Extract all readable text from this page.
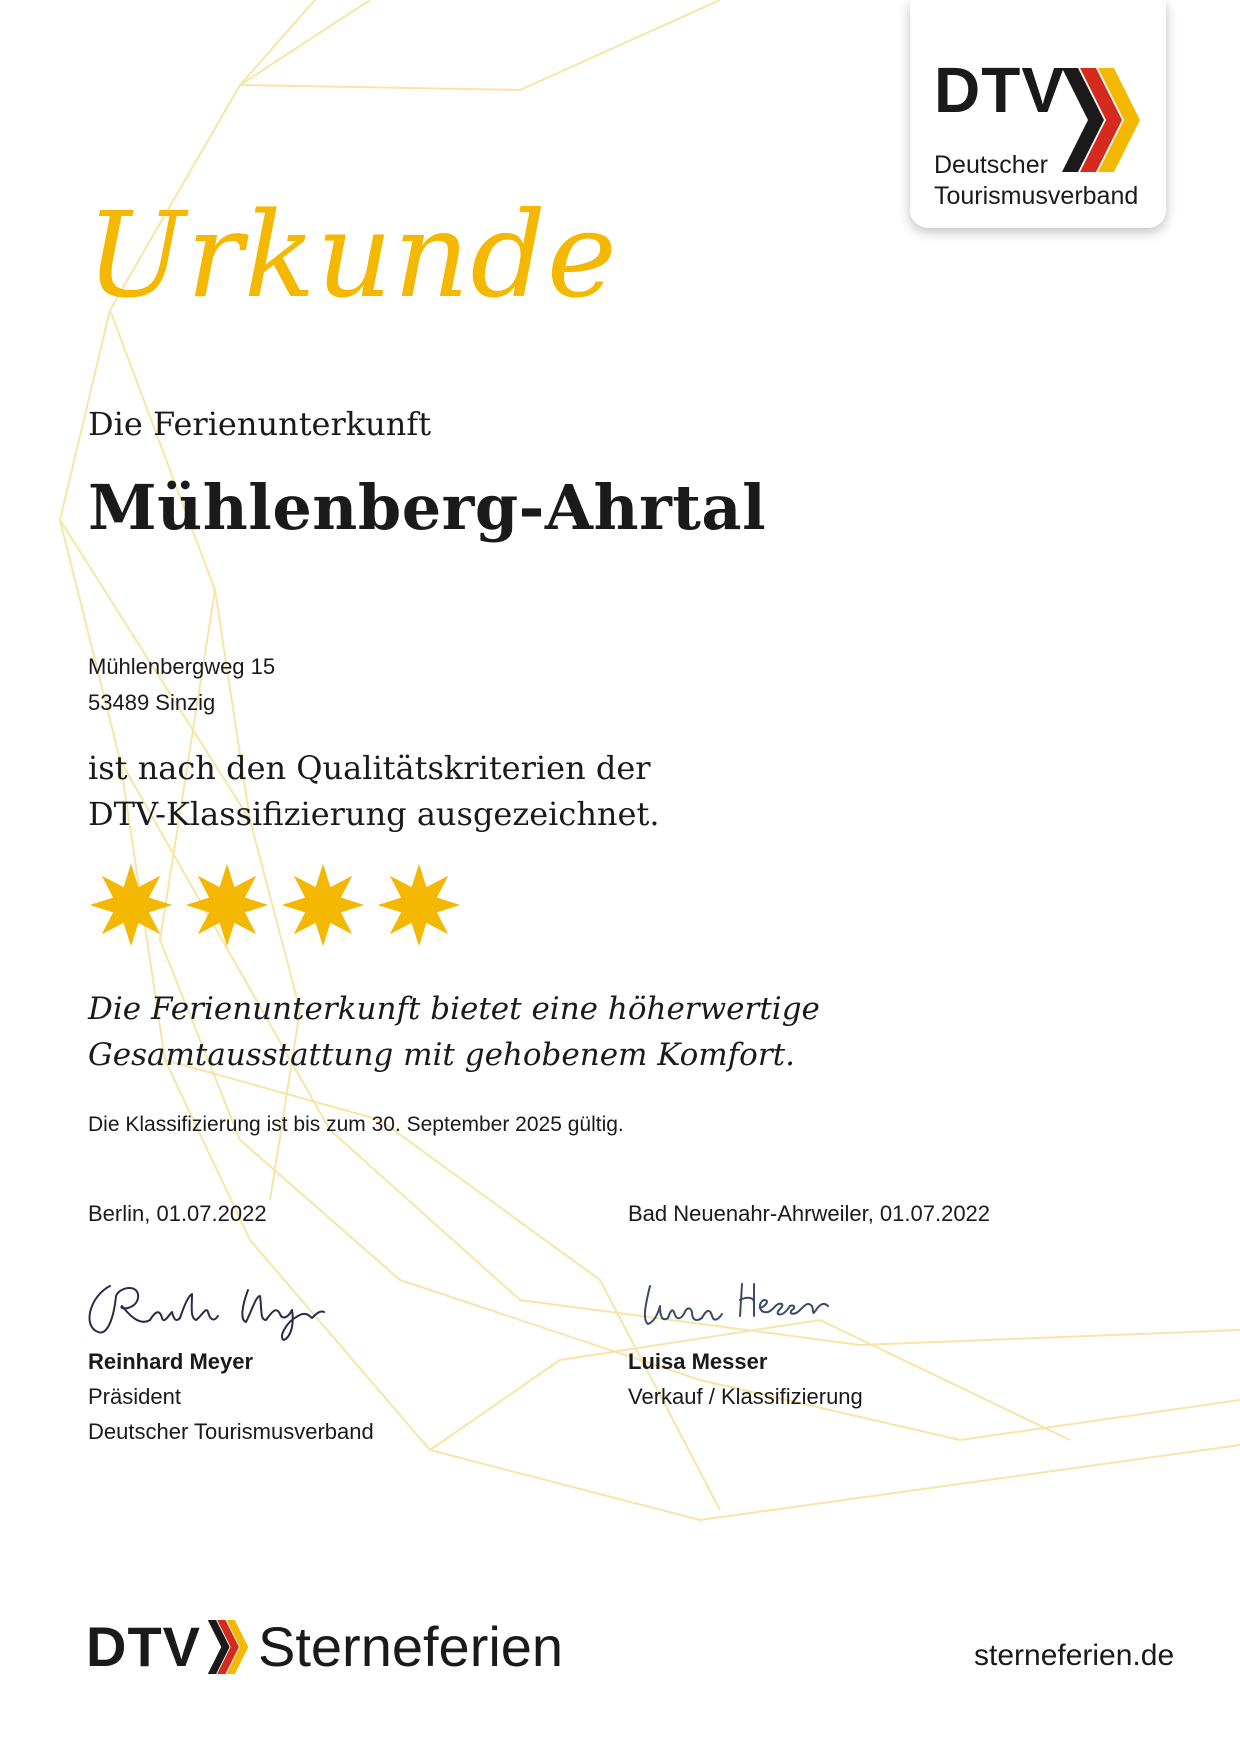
DTV
Deutscher
Tourismusverband
Urkunde
Die Ferienunterkunft
Mühlenberg-Ahrtal
Mühlenbergweg 15
53489 Sinzig
ist nach den Qualitätskriterien der
DTV-Klassifizierung ausgezeichnet.
Die Ferienunterkunft bietet eine höherwertige
Gesamtausstattung mit gehobenem Komfort.
Die Klassifizierung ist bis zum 30. September 2025 gültig.
Berlin, 01.07.2022	Bad Neuenahr-Ahrweiler, 01.07.2022
Reinhard Meyer
Präsident
Deutscher Tourismusverband
Luisa Messer
Verkauf / Klassifizierung
DTV Sterneferien	sterneferien.de
